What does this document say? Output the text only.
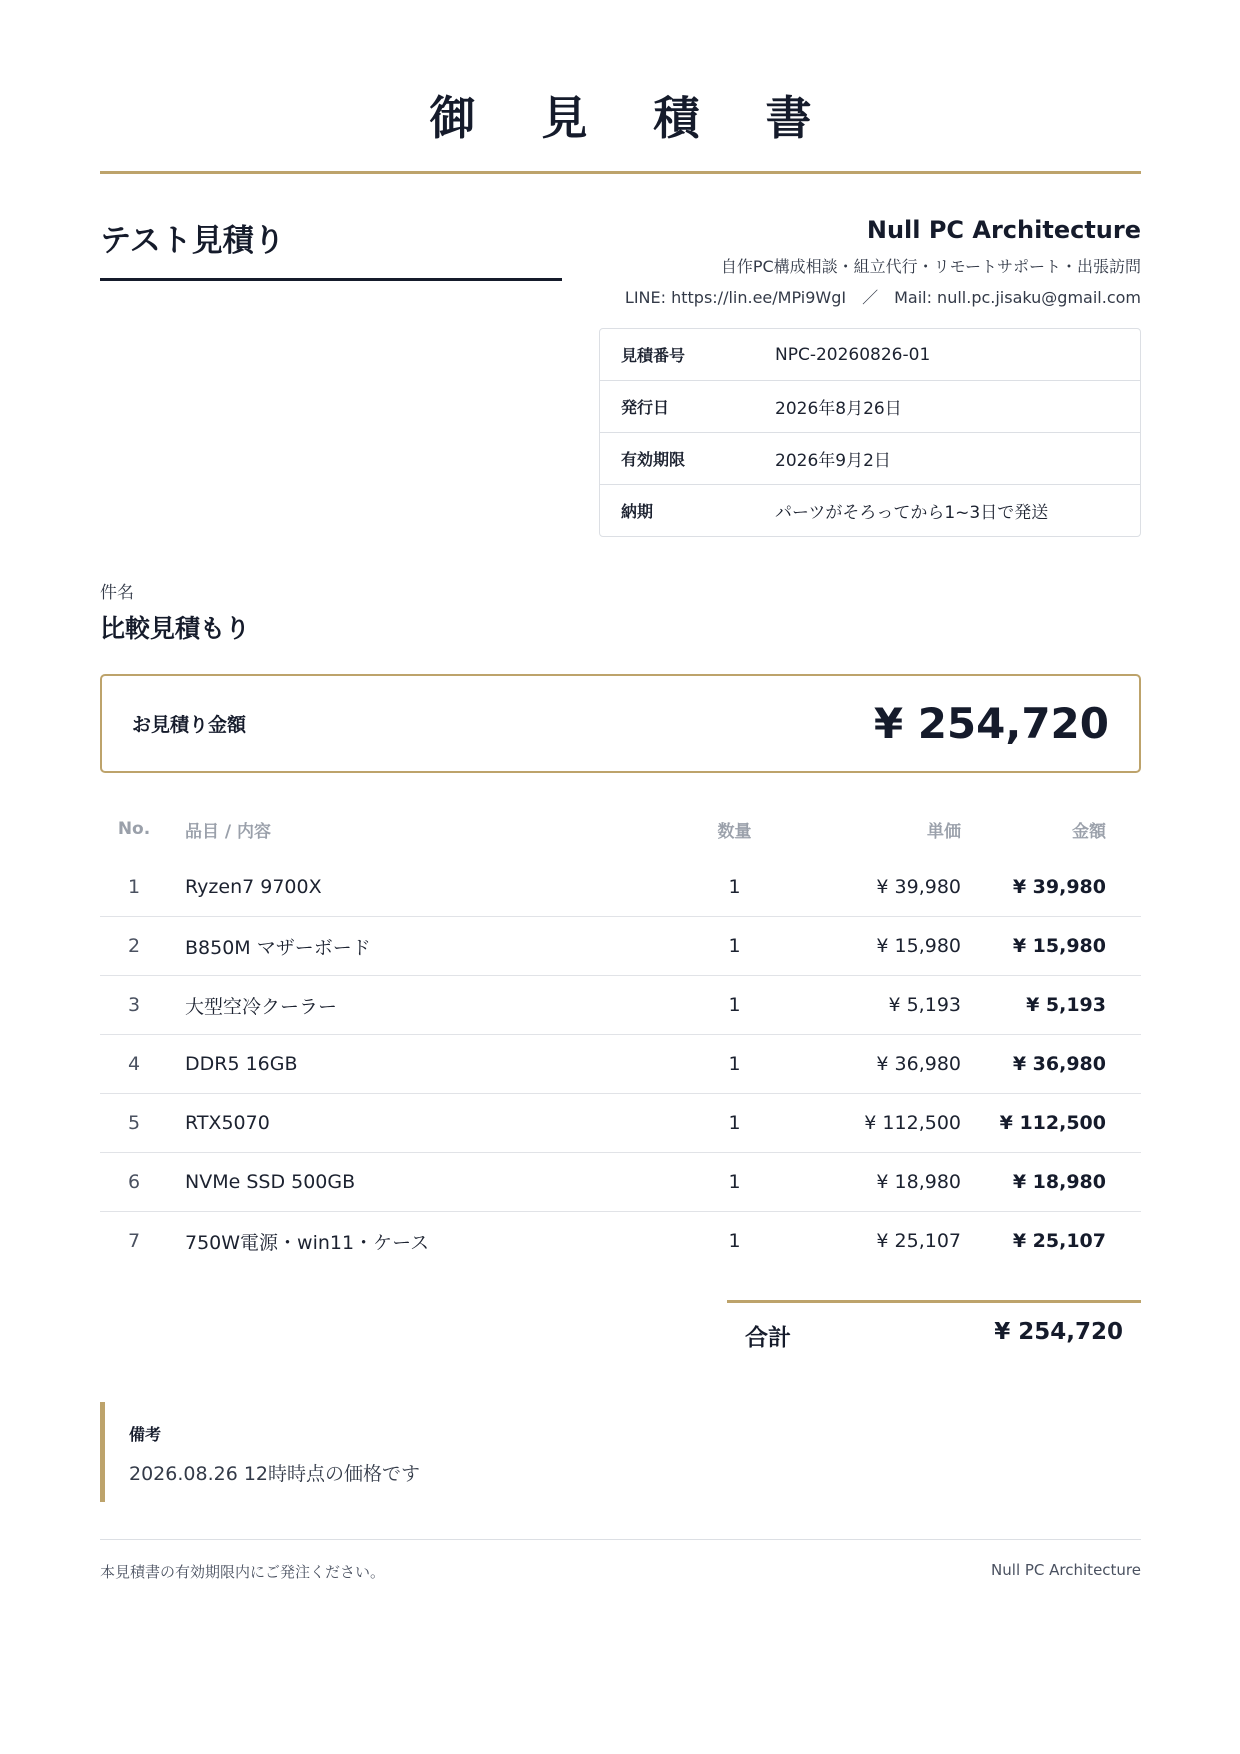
御見積書
テスト見積り	Null PC Architecture
自作PC構成相談・組立代行・リモートサポート・出張訪問
LINE: https://lin.ee/MPi9WgI　／　Mail: null.pc.jisaku@gmail.com
見積番号	NPC-20260826-01
発行日	2026年8月26日
有効期限	2026年9月2日
納期	パーツがそろってから1~3日で発送
件名
比較見積もり
お見積り金額	¥ 254,720
No.	品目 / 内容	数量	単価	金額
1	Ryzen7 9700X	1	¥ 39,980	¥ 39,980
2	B850M マザーボード	1	¥ 15,980	¥ 15,980
3	大型空冷クーラー	1	¥ 5,193	¥ 5,193
4	DDR5 16GB	1	¥ 36,980	¥ 36,980
5	RTX5070	1	¥ 112,500	¥ 112,500
6	NVMe SSD 500GB	1	¥ 18,980	¥ 18,980
7	750W電源・win11・ケース	1	¥ 25,107	¥ 25,107
合計	¥ 254,720
備考
2026.08.26 12時時点の価格です
本見積書の有効期限内にご発注ください。	Null PC Architecture
